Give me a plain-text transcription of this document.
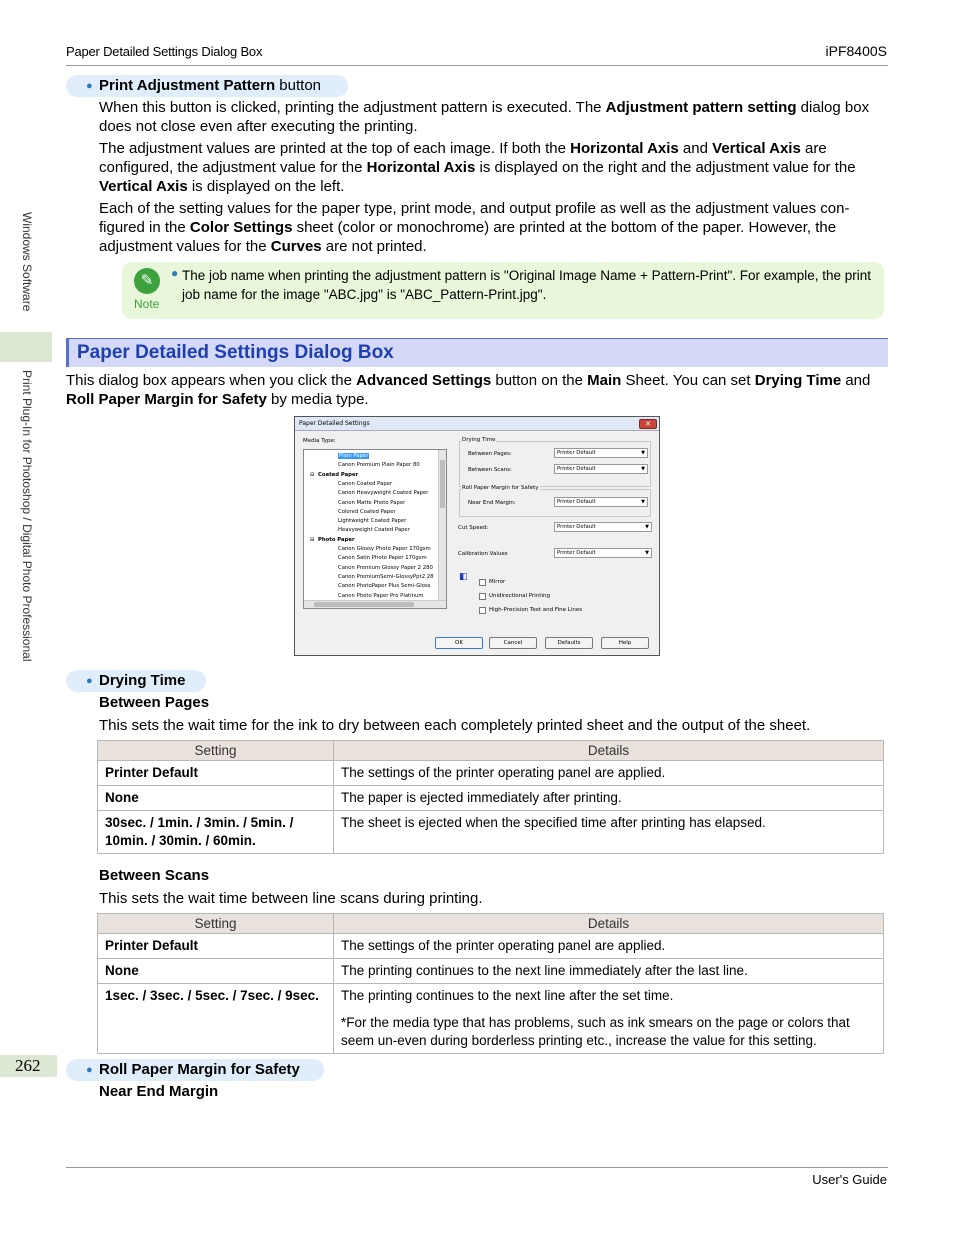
Paper Detailed Settings Dialog Box	iPF8400S
Windows Software
Print Plug-In for Photoshop / Digital Photo Professional
● Print Adjustment Pattern button
When this button is clicked, printing the adjustment pattern is executed. The Adjustment pattern setting dialog box does not close even after executing the printing.
The adjustment values are printed at the top of each image. If both the Horizontal Axis and Vertical Axis are configured, the adjustment value for the Horizontal Axis is displayed on the right and the adjustment value for the Vertical Axis is displayed on the left.
Each of the setting values for the paper type, print mode, and output profile as well as the adjustment values con-figured in the Color Settings sheet (color or monochrome) are printed at the bottom of the paper. However, the adjustment values for the Curves are not printed.
✎
Note
● The job name when printing the adjustment pattern is "Original Image Name + Pattern-Print". For example, the print job name for the image "ABC.jpg" is "ABC_Pattern-Print.jpg".
Paper Detailed Settings Dialog Box
This dialog box appears when you click the Advanced Settings button on the Main Sheet. You can set Drying Time and Roll Paper Margin for Safety by media type.
Paper Detailed Settings	✕
Media Type:
Plain Paper
Canon Premium Plain Paper 80
Coated Paper
⊟
Canon Coated Paper
Canon Heavyweight Coated Paper
Canon Matte Photo Paper
Colored Coated Paper
Lightweight Coated Paper
Heavyweight Coated Paper
Photo Paper
⊟
Canon Glossy Photo Paper 170gsm
Canon Satin Photo Paper 170gsm
Canon Premium Glossy Paper 2 280
Canon PremiumSemi-GlossyPpr2 28
Canon PhotoPaper Plus Semi-Gloss
Canon Photo Paper Pro Platinum
Drying Time
Between Pages:	Printer Default	▼
Between Scans:	Printer Default	▼
Roll Paper Margin for Safety
Near End Margin:	Printer Default	▼
Cut Speed:	Printer Default	▼
Calibration Values	Printer Default	▼
◧	Mirror
Unidirectional Printing
High-Precision Text and Fine Lines
OK	Cancel	Defaults	Help
● Drying Time
Between Pages
This sets the wait time for the ink to dry between each completely printed sheet and the output of the sheet.
Setting	Details
Printer Default	The settings of the printer operating panel are applied.
None	The paper is ejected immediately after printing.
30sec. / 1min. / 3min. / 5min. / 10min. / 30min. / 60min.	The sheet is ejected when the specified time after printing has elapsed.
Between Scans
This sets the wait time between line scans during printing.
Setting	Details
Printer Default	The settings of the printer operating panel are applied.
None	The printing continues to the next line immediately after the last line.
1sec. / 3sec. / 5sec. / 7sec. / 9sec.	The printing continues to the next line after the set time.
*For the media type that has problems, such as ink smears on the page or colors that seem un-even during borderless printing etc., increase the value for this setting.
262	● Roll Paper Margin for Safety
Near End Margin
User's Guide
